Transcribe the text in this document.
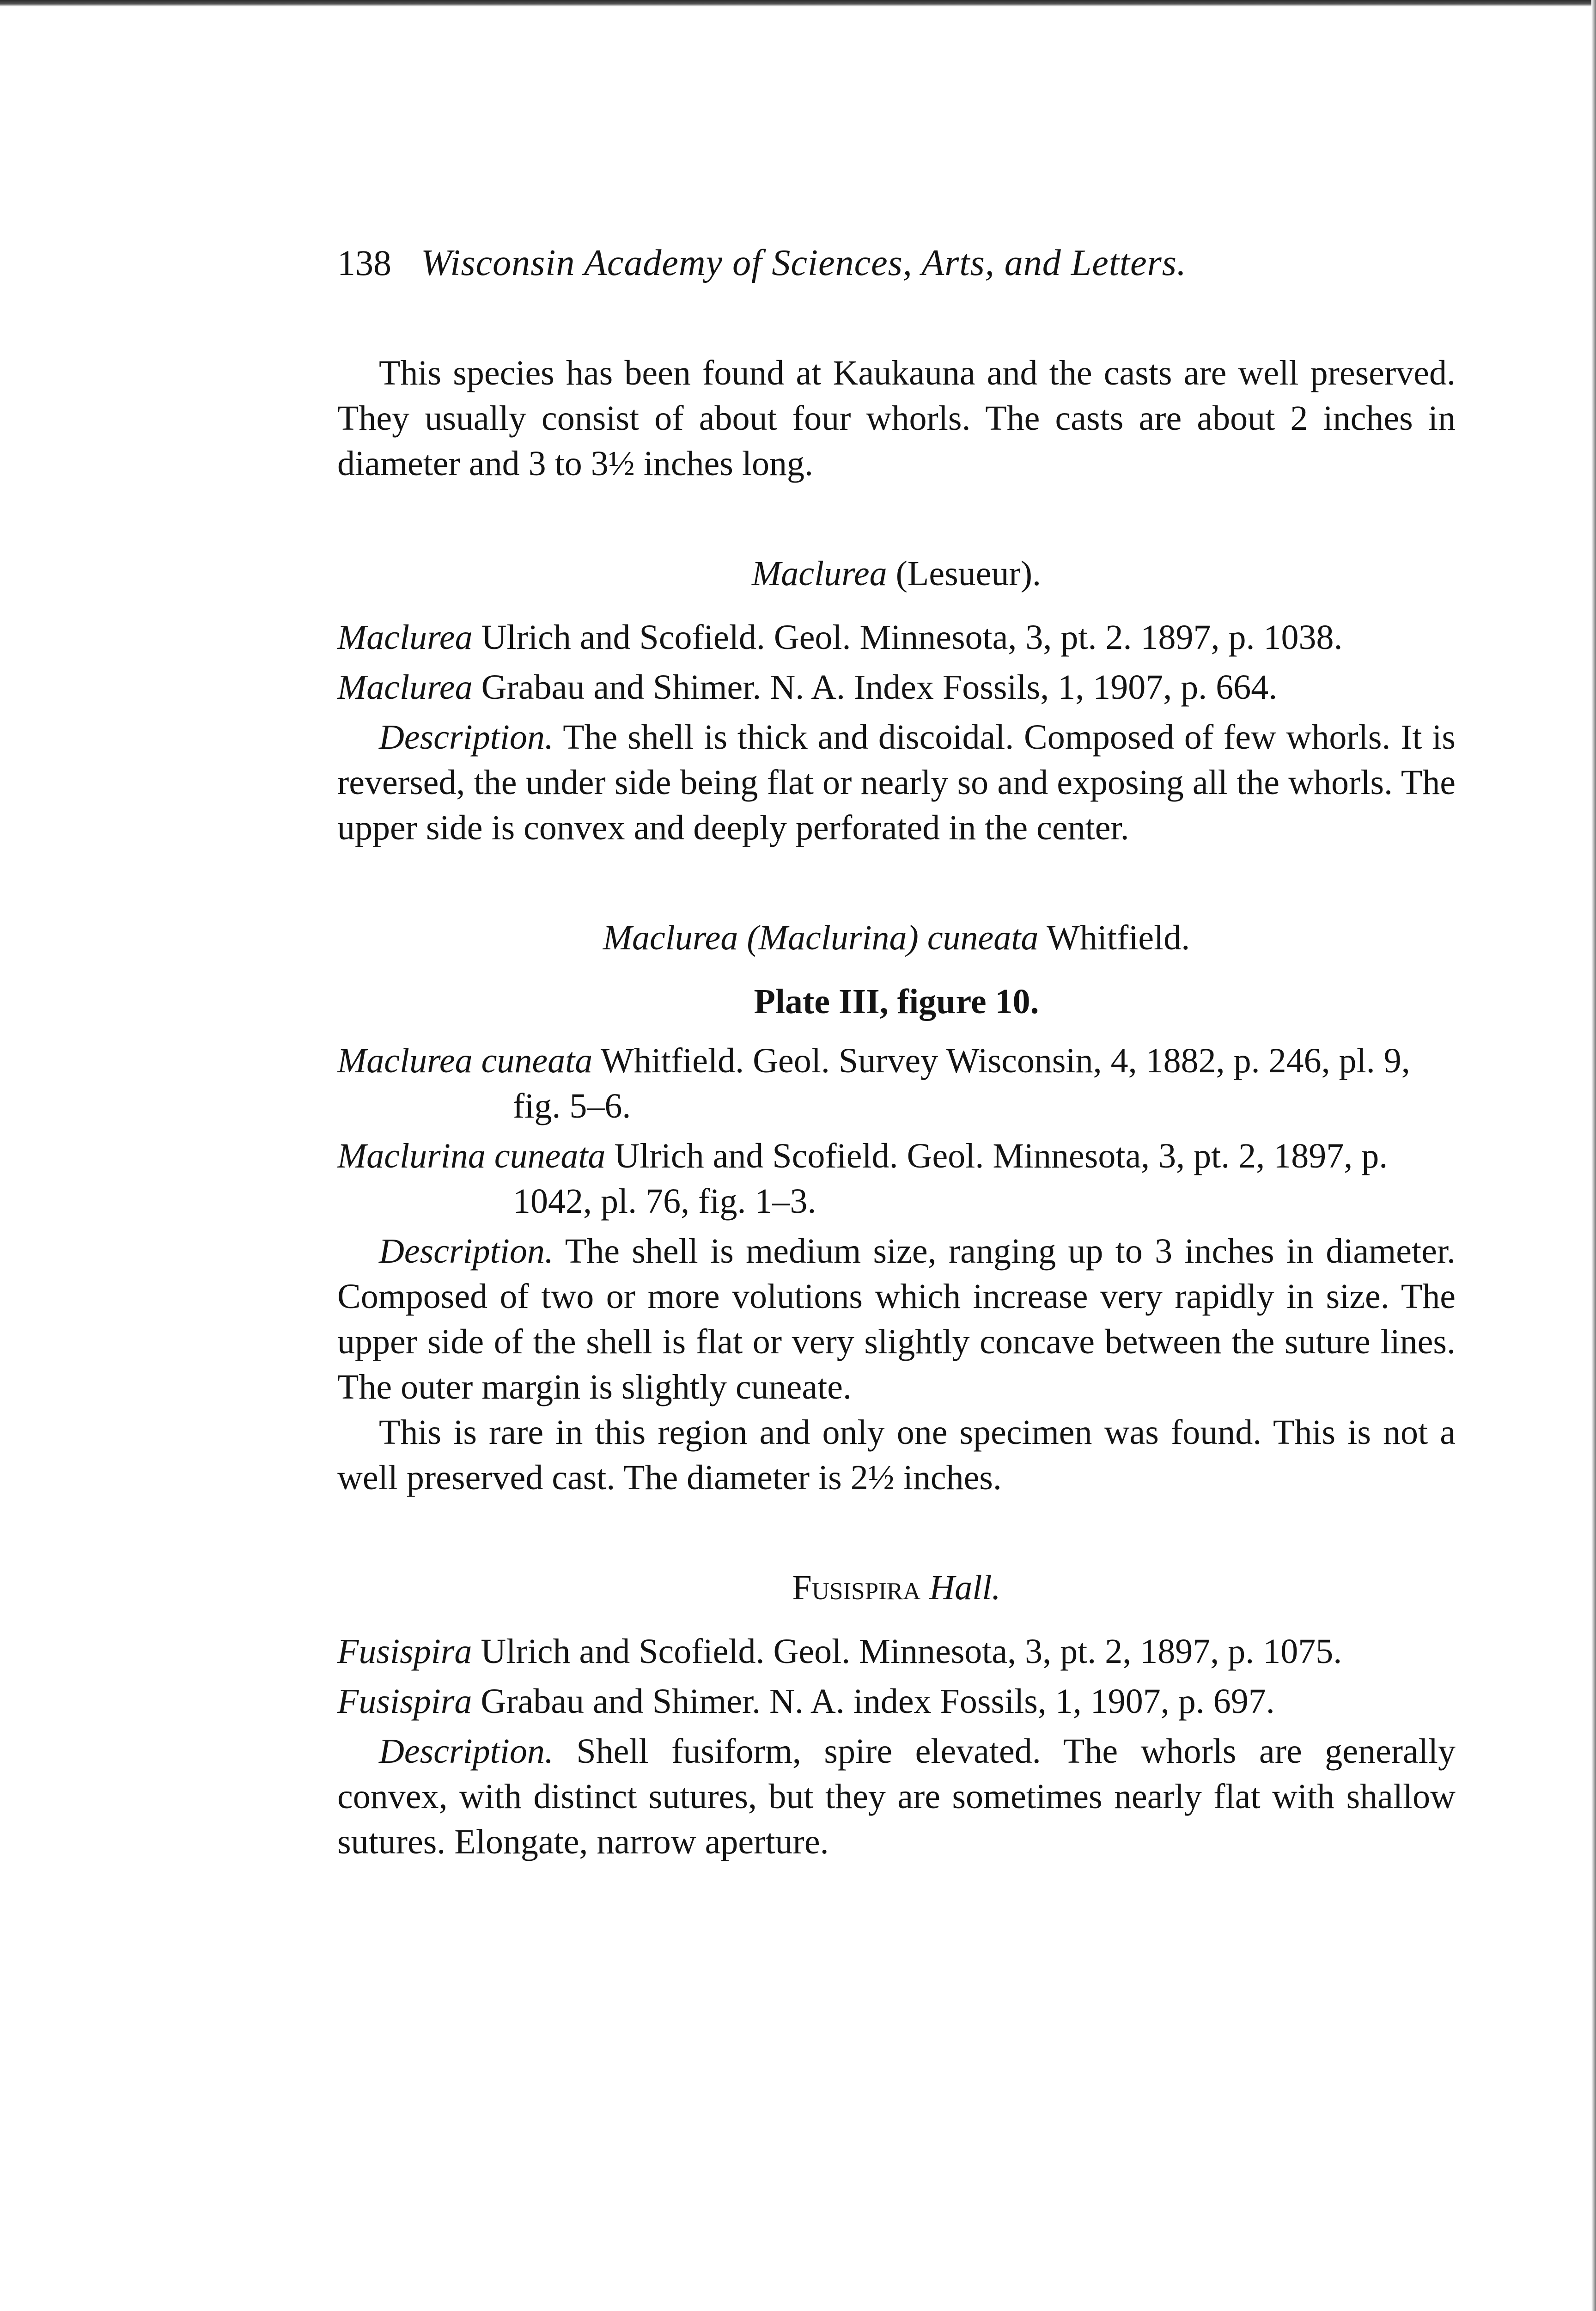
138 Wisconsin Academy of Sciences, Arts, and Letters.

This species has been found at Kaukauna and the casts are well preserved. They usually consist of about four whorls. The casts are about 2 inches in diameter and 3 to 3½ inches long.

Maclurea (Lesueur).

Maclurea Ulrich and Scofield. Geol. Minnesota, 3, pt. 2. 1897, p. 1038.

Maclurea Grabau and Shimer. N. A. Index Fossils, 1, 1907, p. 664.

Description. The shell is thick and discoidal. Composed of few whorls. It is reversed, the under side being flat or nearly so and exposing all the whorls. The upper side is convex and deeply perforated in the center.

Maclurea (Maclurina) cuneata Whitfield.
Plate III, figure 10.

Maclurea cuneata Whitfield. Geol. Survey Wisconsin, 4, 1882, p. 246, pl. 9, fig. 5–6.

Maclurina cuneata Ulrich and Scofield. Geol. Minnesota, 3, pt. 2, 1897, p. 1042, pl. 76, fig. 1–3.

Description. The shell is medium size, ranging up to 3 inches in diameter. Composed of two or more volutions which increase very rapidly in size. The upper side of the shell is flat or very slightly concave between the suture lines. The outer margin is slightly cuneate.

This is rare in this region and only one specimen was found. This is not a well preserved cast. The diameter is 2½ inches.

Fusispira Hall.

Fusispira Ulrich and Scofield. Geol. Minnesota, 3, pt. 2, 1897, p. 1075.

Fusispira Grabau and Shimer. N. A. index Fossils, 1, 1907, p. 697.

Description. Shell fusiform, spire elevated. The whorls are generally convex, with distinct sutures, but they are sometimes nearly flat with shallow sutures. Elongate, narrow aperture.
